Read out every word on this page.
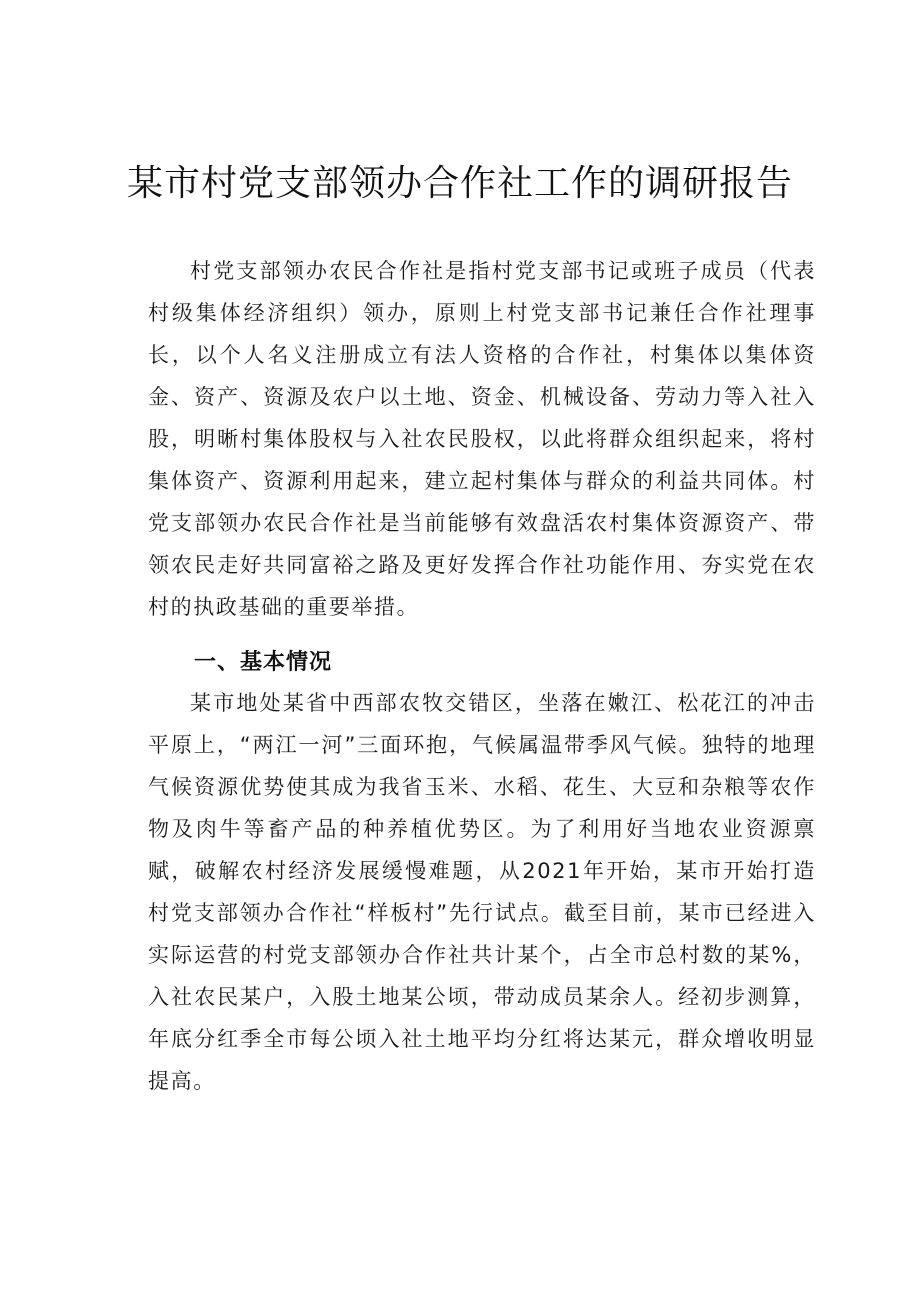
某市村党支部领办合作社工作的调研报告

村党支部领办农民合作社是指村党支部书记或班子成员（代表村级集体经济组织）领办，原则上村党支部书记兼任合作社理事长，以个人名义注册成立有法人资格的合作社，村集体以集体资金、资产、资源及农户以土地、资金、机械设备、劳动力等入社入股，明晰村集体股权与入社农民股权，以此将群众组织起来，将村集体资产、资源利用起来，建立起村集体与群众的利益共同体。村党支部领办农民合作社是当前能够有效盘活农村集体资源资产、带领农民走好共同富裕之路及更好发挥合作社功能作用、夯实党在农村的执政基础的重要举措。

一、基本情况

某市地处某省中西部农牧交错区，坐落在嫩江、松花江的冲击平原上，“两江一河”三面环抱，气候属温带季风气候。独特的地理气候资源优势使其成为我省玉米、水稻、花生、大豆和杂粮等农作物及肉牛等畜产品的种养植优势区。为了利用好当地农业资源禀赋，破解农村经济发展缓慢难题，从2021年开始，某市开始打造村党支部领办合作社“样板村”先行试点。截至目前，某市已经进入实际运营的村党支部领办合作社共计某个，占全市总村数的某%，入社农民某户，入股土地某公顷，带动成员某余人。经初步测算，年底分红季全市每公顷入社土地平均分红将达某元，群众增收明显提高。
